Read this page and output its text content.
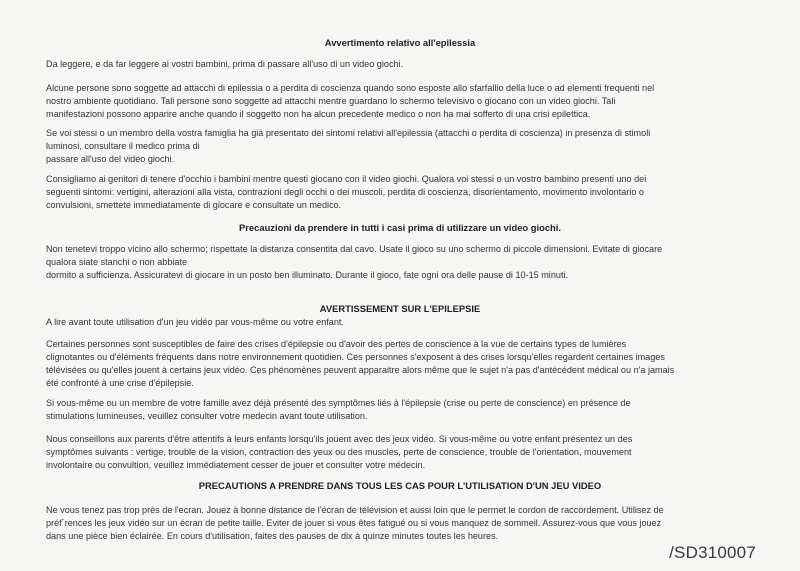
Avvertimento relativo all'epilessia
Da leggere, e da far leggere ai vostri bambini, prima di passare all'uso di un video giochi.
Alcune persone sono soggette ad attacchi di epilessia o a perdita di coscienza quando sono esposte allo sfarfallio della luce o ad elementi frequenti nel
nostro ambiente quotidiano. Tali persone sono soggette ad attacchi mentre guardano lo schermo televisivo o giocano con un video giochi. Tali
manifestazioni possono apparire anche quando il soggetto non ha alcun precedente medico o non ha mai sofferto di una crisi epilettica.
Se voi stessi o un membro della vostra famiglia ha già presentato dei sintomi relativi all'epilessia (attacchi o perdita di coscienza) in presenza di stimoli
luminosi, consultare il medico prima di
passare all'uso del video giochi.
Consigliamo ai genitori di tenere d'occhio i bambini mentre questi giocano con il video giochi. Qualora voi stessi o un vostro bambino presenti uno dei
seguenti sintomi: vertigini, alterazioni alla vista, contrazioni degli occhi o dei muscoli, perdita di coscienza, disorientamento, movimento involontario o
convulsioni, smettete immediatamente di giocare e consultate un medico.
Precauzioni da prendere in tutti i casi prima di utilizzare un video giochi.
Non tenetevi troppo vicino allo schermo; rispettate la distanza consentita dal cavo. Usate il gioco su uno schermo di piccole dimensioni. Evitate di giocare
qualora siate stanchi o non abbiate
dormito a sufficienza. Assicuratevi di giocare in un posto ben illuminato. Durante il gioco, fate ogni ora delle pause di 10-15 minuti.
AVERTISSEMENT SUR L'EPILEPSIE
A lire avant toute utilisation d'un jeu vidéo par vous-même ou votre enfant.
Certaines personnes sont susceptibles de faire des crises d'épilepsie ou d'avoir des pertes de conscience à la vue de certains types de lumières
clignotantes ou d'éléments fréquents dans notre environnement quotidien. Ces personnes s'exposent à des crises lorsqu'elles regardent certaines images
télévisées ou qu'elles jouent à certains jeux vidéo. Ces phénomènes peuvent apparaitre alors même que le sujet n'a pas d'antécédent médical ou n'a jamais
été confronté à une crise d'épilepsie.
Si vous-même ou un membre de votre famille avez déjà présenté des symptômes liés à l'épilepsie (crise ou perte de conscience) en présence de
stimulations lumineuses, veuillez consulter votre medecin avant toute utilisation.
Nous conseillons aux parents d'être attentifs à leurs enfants lorsqu'ils jouent avec des jeux vidéo. Si vous-même ou votre enfant présentez un des
symptômes suivants : vertige, trouble de la vision, contraction des yeux ou des muscles, perte de conscience, trouble de l'orientation, mouvement
involontaire ou convultion, veuillez immédiatement cesser de jouer et consulter votre médecin.
PRECAUTIONS A PRENDRE DANS TOUS LES CAS POUR L'UTILISATION D'UN JEU VIDEO
Ne vous tenez pas trop près de l'ecran. Jouez à bonne distance de l'écran de télévision et aussi loin que le permet le cordon de raccordement. Utilisez de
préf´rences les jeux vidéo sur un écran de petite taille. Eviter de jouer si vous êtes fatigué ou si vous manquez de sommeil. Assurez-vous que vous jouez
dans une pièce bien éclairée. En cours d'utilisation, faites des pauses de dix à quinze minutes toutes les heures.
/SD310007
